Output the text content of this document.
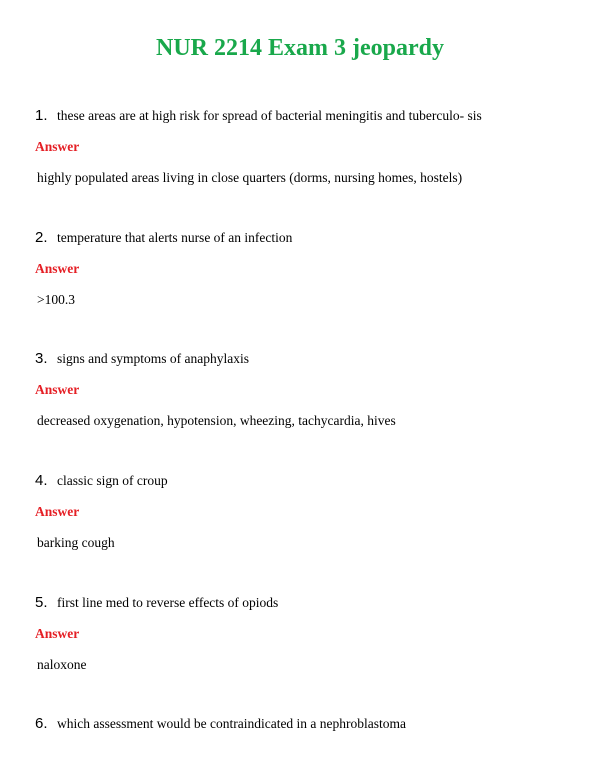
NUR 2214 Exam 3 jeopardy
1. these areas are at high risk for spread of bacterial meningitis and tuberculo- sis
Answer
highly populated areas living in close quarters (dorms, nursing homes, hostels)
2. temperature that alerts nurse of an infection
Answer
>100.3
3. signs and symptoms of anaphylaxis
Answer
decreased oxygenation, hypotension, wheezing, tachycardia, hives
4. classic sign of croup
Answer
barking cough
5. first line med to reverse effects of opiods
Answer
naloxone
6. which assessment would be contraindicated in a nephroblastoma
